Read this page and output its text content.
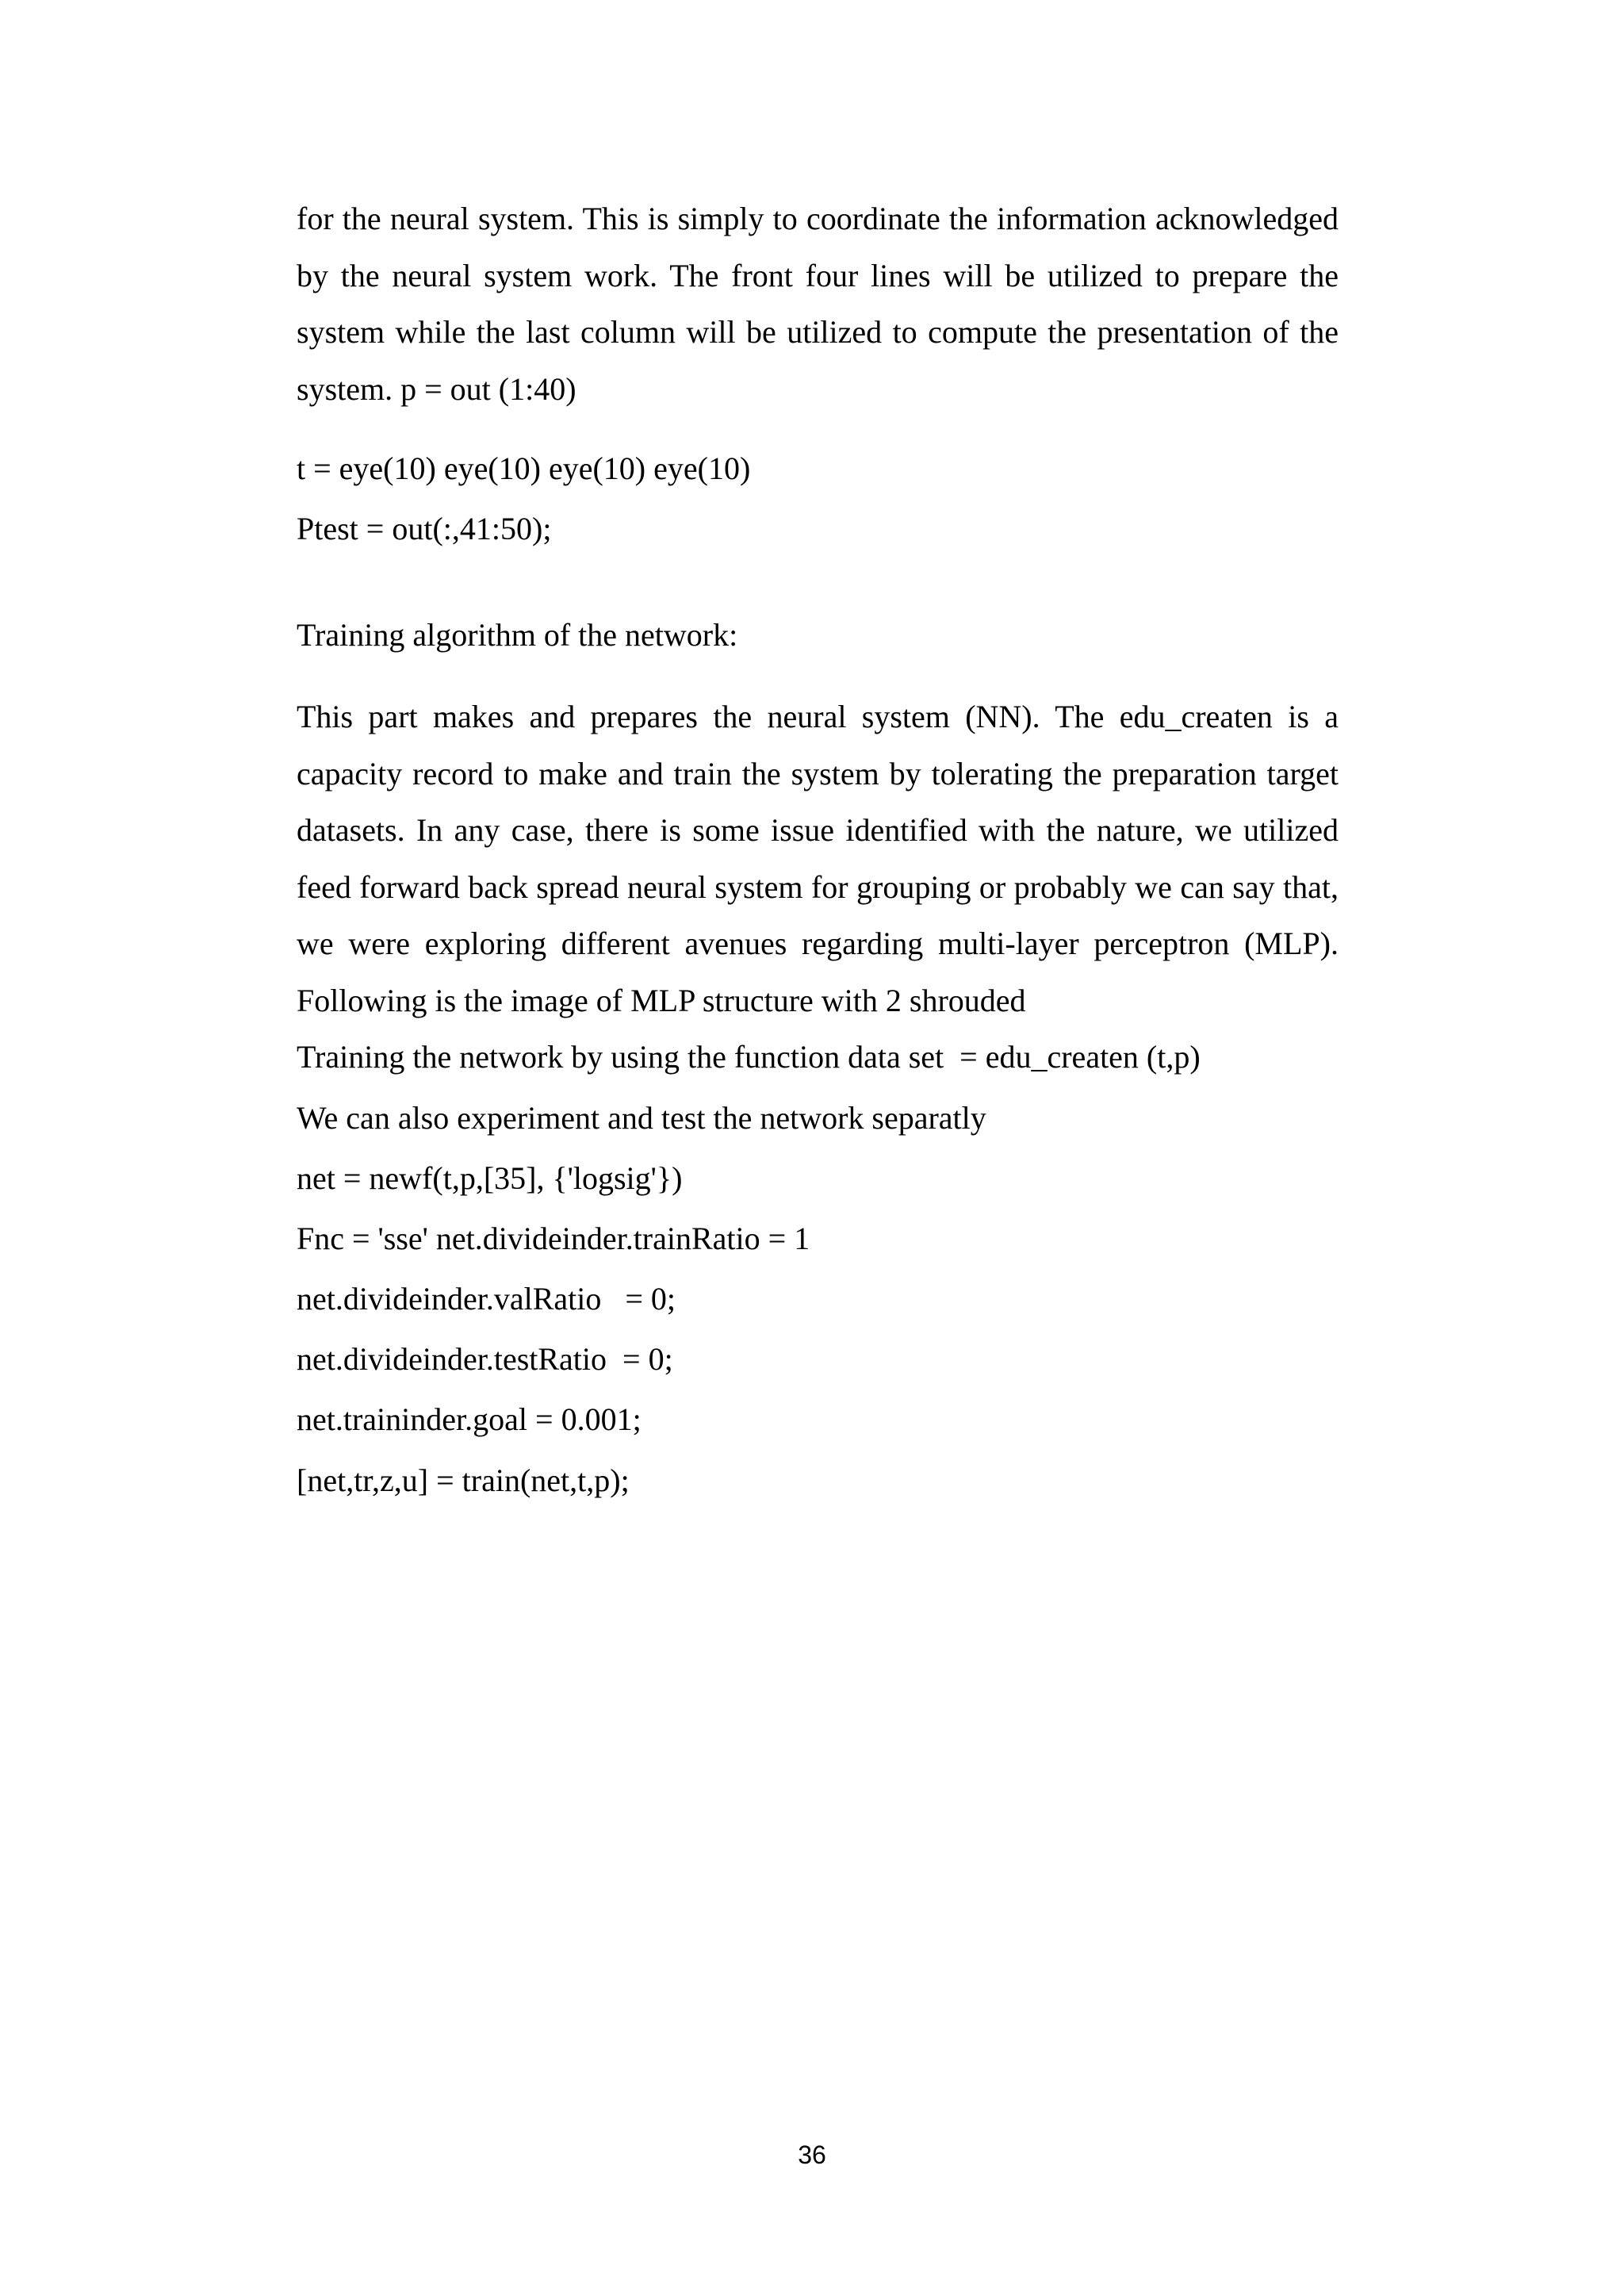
for the neural system. This is simply to coordinate the information acknowledged by the neural system work. The front four lines will be utilized to prepare the system while the last column will be utilized to compute the presentation of the system. p = out (1:40)

t = eye(10) eye(10) eye(10) eye(10)
Ptest = out(:,41:50);
Training algorithm of the network:

This part makes and prepares the neural system (NN). The edu_createn is a capacity record to make and train the system by tolerating the preparation target datasets. In any case, there is some issue identified with the nature, we utilized feed forward back spread neural system for grouping or probably we can say that, we were exploring different avenues regarding multi-layer perceptron (MLP). Following is the image of MLP structure with 2 shrouded

Training the network by using the function data set  = edu_createn (t,p)
We can also experiment and test the network separatly
net = newf(t,p,[35], {'logsig'})
Fnc = 'sse' net.divideinder.trainRatio = 1
net.divideinder.valRatio   = 0;
net.divideinder.testRatio  = 0;
net.traininder.goal = 0.001;
[net,tr,z,u] = train(net,t,p);
36
